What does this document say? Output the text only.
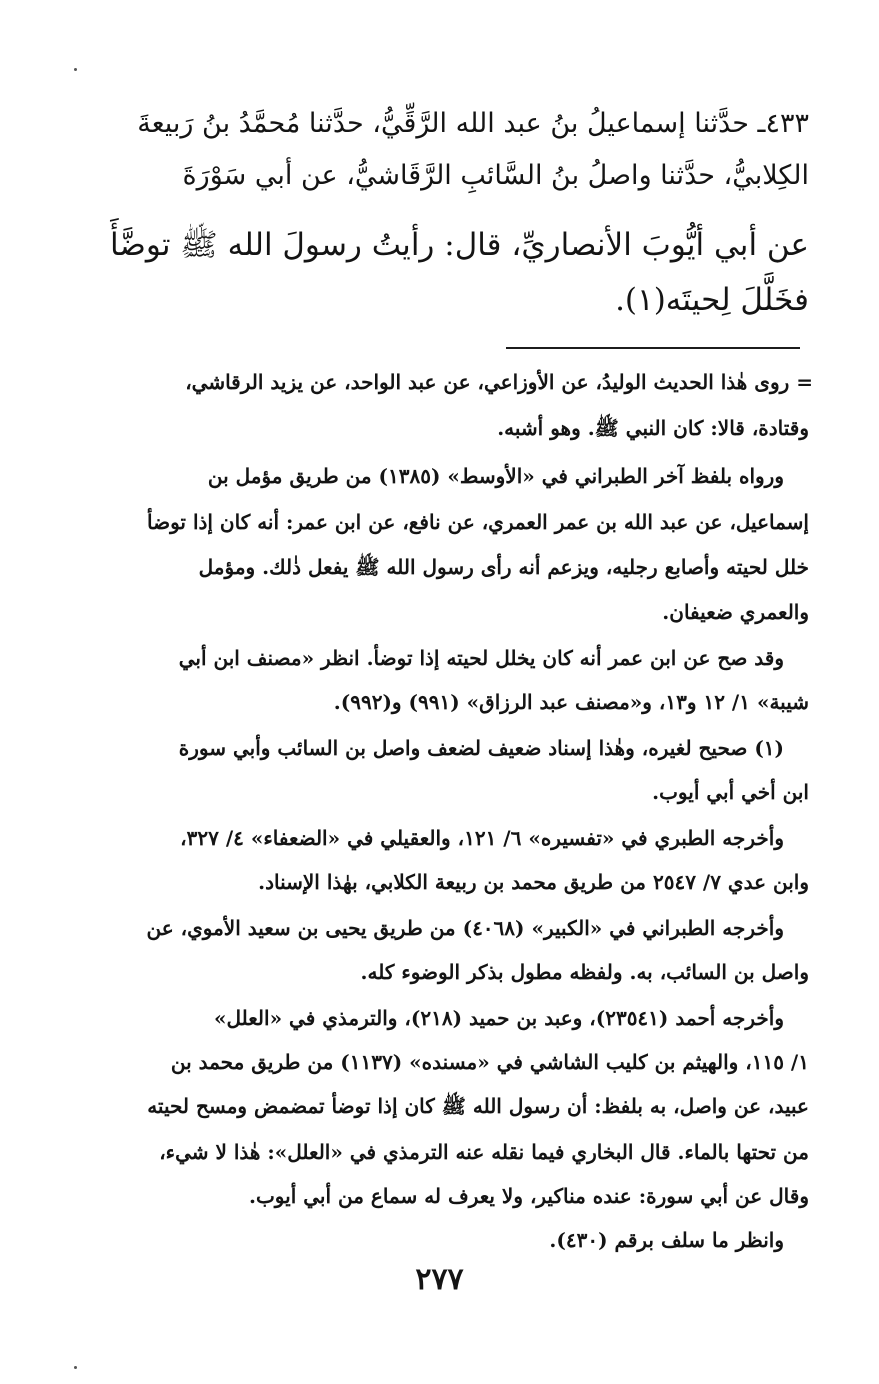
٤٣٣ـ حدَّثنا إسماعيلُ بنُ عبد الله الرَّقِّيُّ، حدَّثنا مُحمَّدُ بنُ رَبيعةَ
الكِلابيُّ، حدَّثنا واصلُ بنُ السَّائبِ الرَّقَاشيُّ، عن أبي سَوْرَةَ
عن أبي أيُّوبَ الأنصاريِّ، قال: رأيتُ رسولَ الله ﷺ توضَّأَ
فخَلَّلَ لِحيتَه(١).
= روى هٰذا الحديث الوليدُ، عن الأوزاعي، عن عبد الواحد، عن يزيد الرقاشي،
وقتادة، قالا: كان النبي ﷺ. وهو أشبه.
ورواه بلفظ آخر الطبراني في «الأوسط» (١٣٨٥) من طريق مؤمل بن
إسماعيل، عن عبد الله بن عمر العمري، عن نافع، عن ابن عمر: أنه كان إذا توضأ
خلل لحيته وأصابع رجليه، ويزعم أنه رأى رسول الله ﷺ يفعل ذٰلك. ومؤمل
والعمري ضعيفان.
وقد صح عن ابن عمر أنه كان يخلل لحيته إذا توضأ. انظر «مصنف ابن أبي
شيبة» ١/ ١٢ و١٣، و«مصنف عبد الرزاق» (٩٩١) و(٩٩٢).
(١) صحيح لغيره، وهٰذا إسناد ضعيف لضعف واصل بن السائب وأبي سورة
ابن أخي أبي أيوب.
وأخرجه الطبري في «تفسيره» ٦/ ١٢١، والعقيلي في «الضعفاء» ٤/ ٣٢٧،
وابن عدي ٧/ ٢٥٤٧ من طريق محمد بن ربيعة الكلابي، بهٰذا الإسناد.
وأخرجه الطبراني في «الكبير» (٤٠٦٨) من طريق يحيى بن سعيد الأموي، عن
واصل بن السائب، به. ولفظه مطول بذكر الوضوء كله.
وأخرجه أحمد (٢٣٥٤١)، وعبد بن حميد (٢١٨)، والترمذي في «العلل»
١/ ١١٥، والهيثم بن كليب الشاشي في «مسنده» (١١٣٧) من طريق محمد بن
عبيد، عن واصل، به بلفظ: أن رسول الله ﷺ كان إذا توضأ تمضمض ومسح لحيته
من تحتها بالماء. قال البخاري فيما نقله عنه الترمذي في «العلل»: هٰذا لا شيء،
وقال عن أبي سورة: عنده مناكير، ولا يعرف له سماع من أبي أيوب.
وانظر ما سلف برقم (٤٣٠).
٢٧٧
